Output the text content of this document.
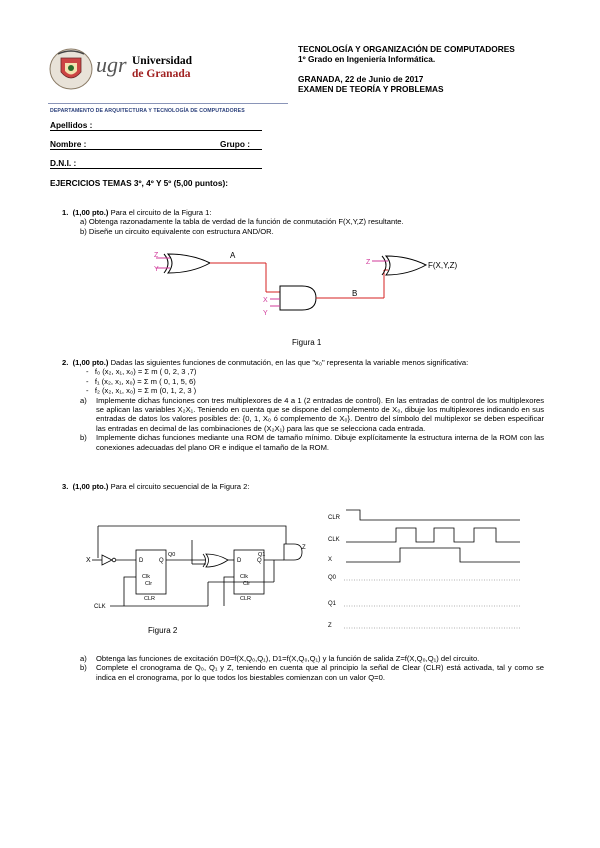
ugr Universidad
de Granada
DEPARTAMENTO DE ARQUITECTURA Y TECNOLOGÍA DE COMPUTADORES
TECNOLOGÍA Y ORGANIZACIÓN DE COMPUTADORES
1º Grado en Ingeniería Informática.
GRANADA, 22 de Junio de 2017
EXAMEN DE TEORÍA Y PROBLEMAS
Apellidos :
Nombre :	Grupo :
D.N.I. :
EJERCICIOS TEMAS 3º, 4º Y 5º (5,00 puntos):
1. (1,00 pto.) Para el circuito de la Figura 1:
a) Obtenga razonadamente la tabla de verdad de la función de conmutación F(X,Y,Z) resultante.
b) Diseñe un circuito equivalente con estructura AND/OR.
Z
Y
A
X
Y
B
Z	F(X,Y,Z)
Figura 1
2. (1,00 pto.) Dadas las siguientes funciones de conmutación, en las que "x₀" representa la variable menos significativa:
-   f₀ (x₂, x₁, x₀) = Σ m ( 0, 2, 3 ,7)
-   f₁ (x₂, x₁, x₀) = Σ m ( 0, 1, 5, 6)
-   f₂ (x₂, x₁, x₀) = Σ m (0, 1, 2, 3 )
a)	Implemente dichas funciones con tres multiplexores de 4 a 1 (2 entradas de control). En las entradas de control de los multiplexores se aplican las variables X₂X₁. Teniendo en cuenta que se dispone del complemento de X₀, dibuje los multiplexores indicando en sus entradas de datos los valores posibles de: {0, 1, X₀ ó complemento de X₀}. Dentro del símbolo del multiplexor se deben especificar las entradas en decimal de las combinaciones de (X₂X₁) para las que se selecciona cada entrada.
b)	Implemente dichas funciones mediante una ROM de tamaño mínimo. Dibuje explícitamente la estructura interna de la ROM con las conexiones adecuadas del plano OR e indique el tamaño de la ROM.
3. (1,00 pto.) Para el circuito secuencial de la Figura 2:
X	D	Q
Clk
Clr
CLR
Q0
D	Q
Clk
Clr
CLR
Q1
Z
CLK
Figura 2
CLR
CLK
X
Q0
Q1
Z
a)	Obtenga las funciones de excitación D0=f(X,Q₀,Q₁), D1=f(X,Q₀,Q₁) y la función de salida Z=f(X,Q₀,Q₁) del circuito.
b)	Complete el cronograma de Q₀, Q₁ y Z, teniendo en cuenta que al principio la señal de Clear (CLR) está activada, tal y como se indica en el cronograma, por lo que todos los biestables comienzan con un valor Q=0.
